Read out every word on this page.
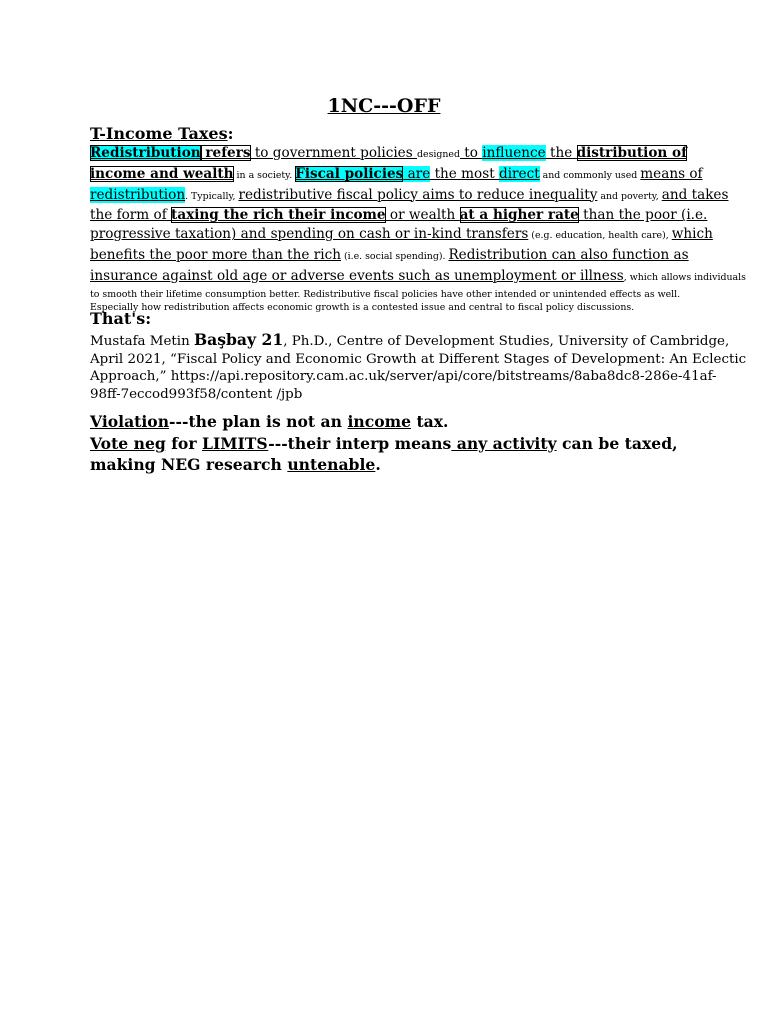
1NC---OFF
T-Income Taxes:
Redistribution refers to government policies designed to influence the distribution of
income and wealth in a society. Fiscal policies are the most direct and commonly used means of
redistribution. Typically, redistributive fiscal policy aims to reduce inequality and poverty, and takes
the form of taxing the rich their income or wealth at a higher rate than the poor (i.e.
progressive taxation) and spending on cash or in-kind transfers (e.g. education, health care), which
benefits the poor more than the rich (i.e. social spending). Redistribution can also function as
insurance against old age or adverse events such as unemployment or illness, which allows individuals
to smooth their lifetime consumption better. Redistributive fiscal policies have other intended or unintended effects as well.
Especially how redistribution affects economic growth is a contested issue and central to fiscal policy discussions.
That's:
Mustafa Metin Başbay 21, Ph.D., Centre of Development Studies, University of Cambridge,
April 2021, “Fiscal Policy and Economic Growth at Different Stages of Development: An Eclectic
Approach,” https://api.repository.cam.ac.uk/server/api/core/bitstreams/8aba8dc8-286e-41af-
98ff-7eccod993f58/content /jpb
Violation---the plan is not an income tax.
Vote neg for LIMITS---their interp means any activity can be taxed,
making NEG research untenable.
